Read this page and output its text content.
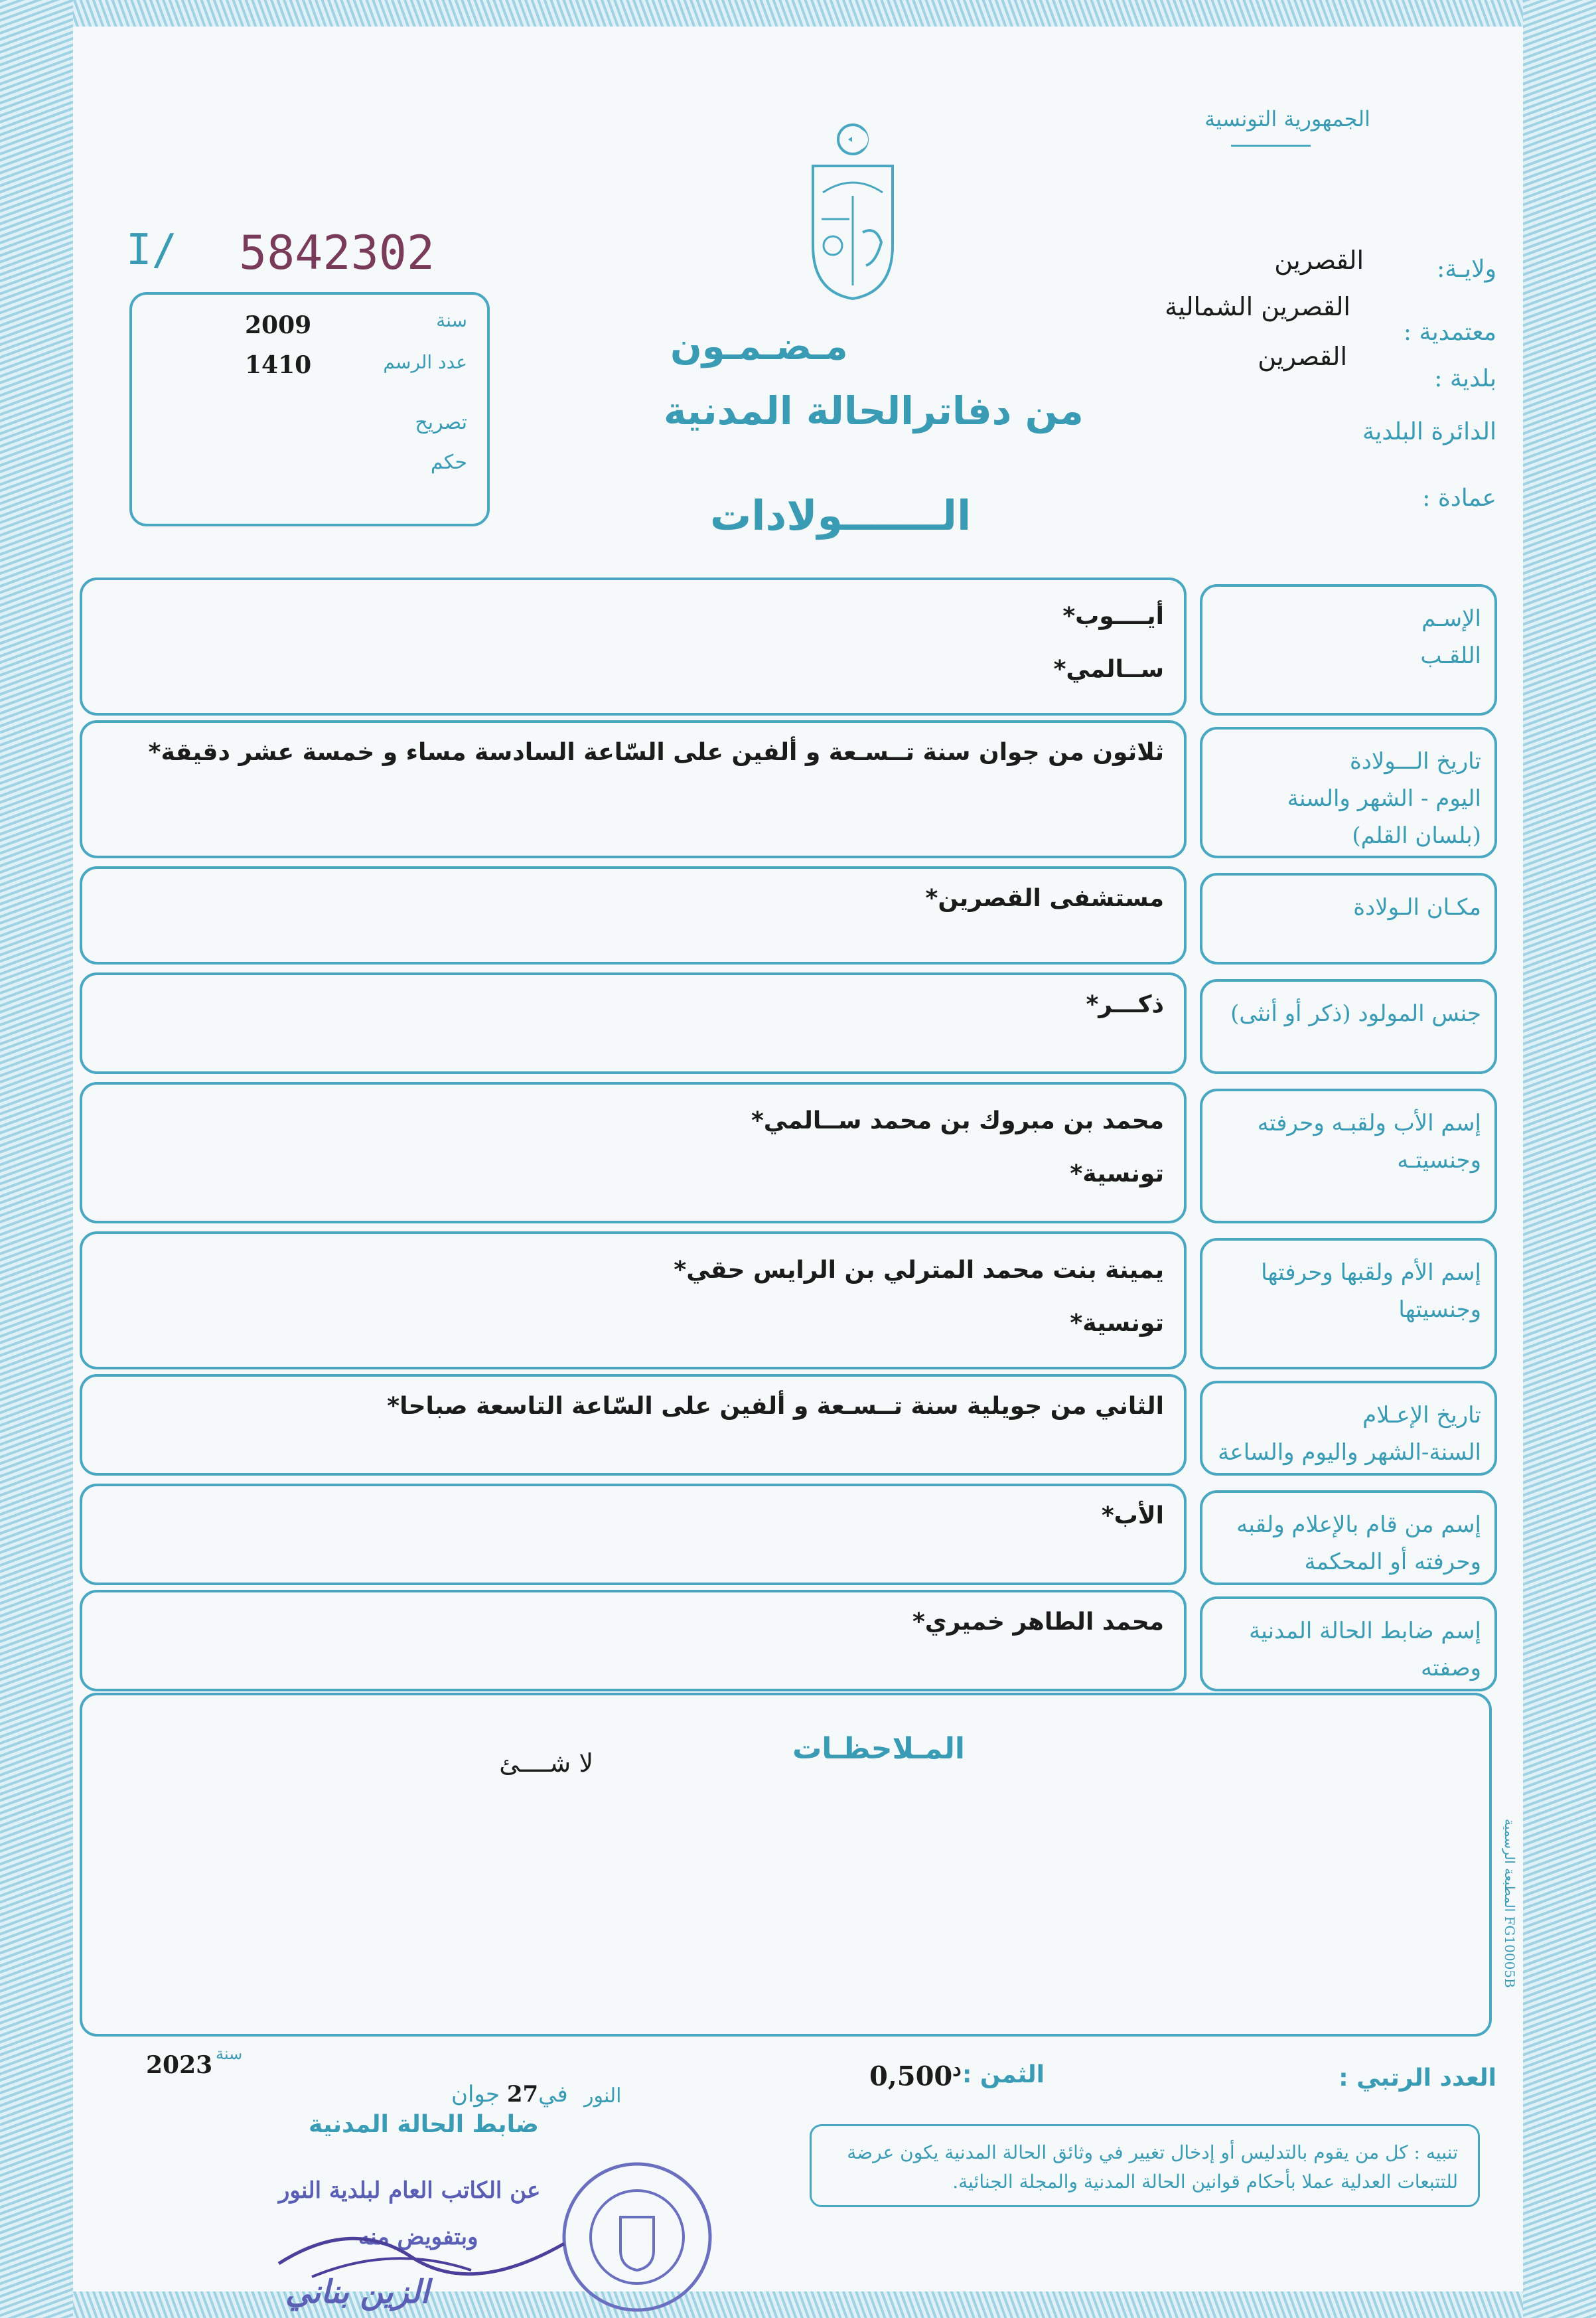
الجمهورية التونسية
I/ 5842302
سنة
2009
عدد الرسم
1410
تصريح
حكم
ولايـة:
القصرين
معتمدية :
القصرين الشمالية
بلدية :
القصرين
الدائرة البلدية
عمادة :
مـضـمـون
من دفاترالحالة المدنية
الـــــــولادات
أيــــوب*
ســالمي*
الإسـم
اللقـب
ثلاثون من جوان سنة تــسـعة و ألفين على السّاعة السادسة مساء و خمسة عشر دقيقة*	تاريخ الـــولادة
اليوم - الشهر والسنة
(بلسان القلم)
مستشفى القصرين*	مكـان الـولادة
ذكـــر*	جنس المولود (ذكر أو أنثى)
محمد بن مبروك بن محمد ســالمي*
تونسية*
إسم الأب ولقبـه وحرفته
وجنسيتـه
يمينة بنت محمد المترلي بن الرايس حقي*
تونسية*
إسم الأم ولقبها وحرفتها
وجنسيتها
الثاني من جويلية سنة تــسـعة و ألفين على السّاعة التاسعة صباحا*	تاريخ الإعـلام
السنة-الشهر واليوم والساعة
الأب*	إسم من قام بالإعلام ولقبه
وحرفته أو المحكمة
محمد الطاهر خميري*	إسم ضابط الحالة المدنية
وصفته
المـلاحظـات
لا شــــئ
المطبعة الرسمية FG10005B
العدد الرتبي :
الثمن :
$0,500^د$
النور
في27 جوان
سنة
2023
ضابط الحالة المدنية
تنبيه : كل من يقوم بالتدليس أو إدخال تغيير في وثائق الحالة المدنية يكون عرضة للتتبعات العدلية عملا بأحكام قوانين الحالة المدنية والمجلة الجنائية.
عن الكاتب العام لبلدية النور
وبتفويض منه
الزين بناني
